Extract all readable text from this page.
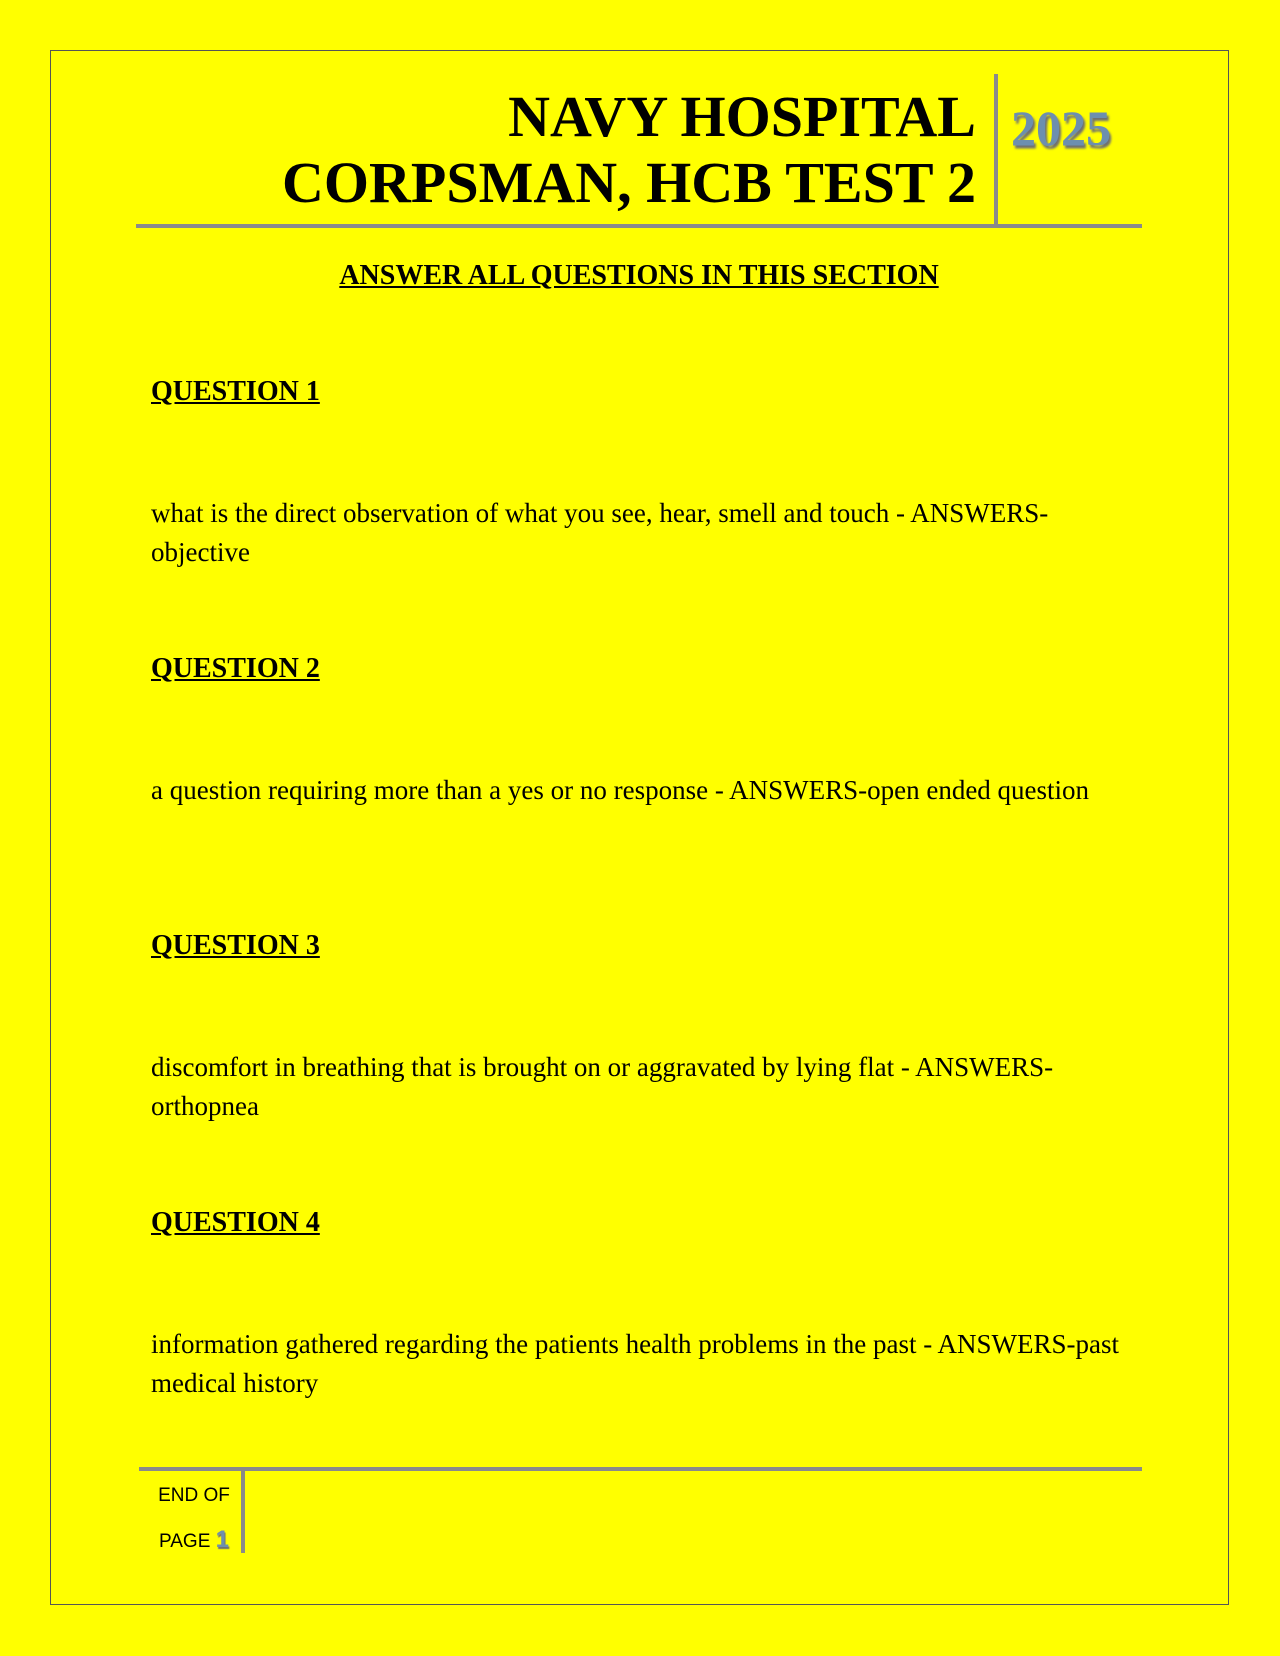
NAVY HOSPITAL
CORPSMAN, HCB TEST 2
2025
ANSWER ALL QUESTIONS IN THIS SECTION
QUESTION 1

what is the direct observation of what you see, hear, smell and touch - ANSWERS-objective

QUESTION 2

a question requiring more than a yes or no response - ANSWERS-open ended question

QUESTION 3

discomfort in breathing that is brought on or aggravated by lying flat - ANSWERS-orthopnea

QUESTION 4

information gathered regarding the patients health problems in the past - ANSWERS-past medical history

END OF
PAGE 1
